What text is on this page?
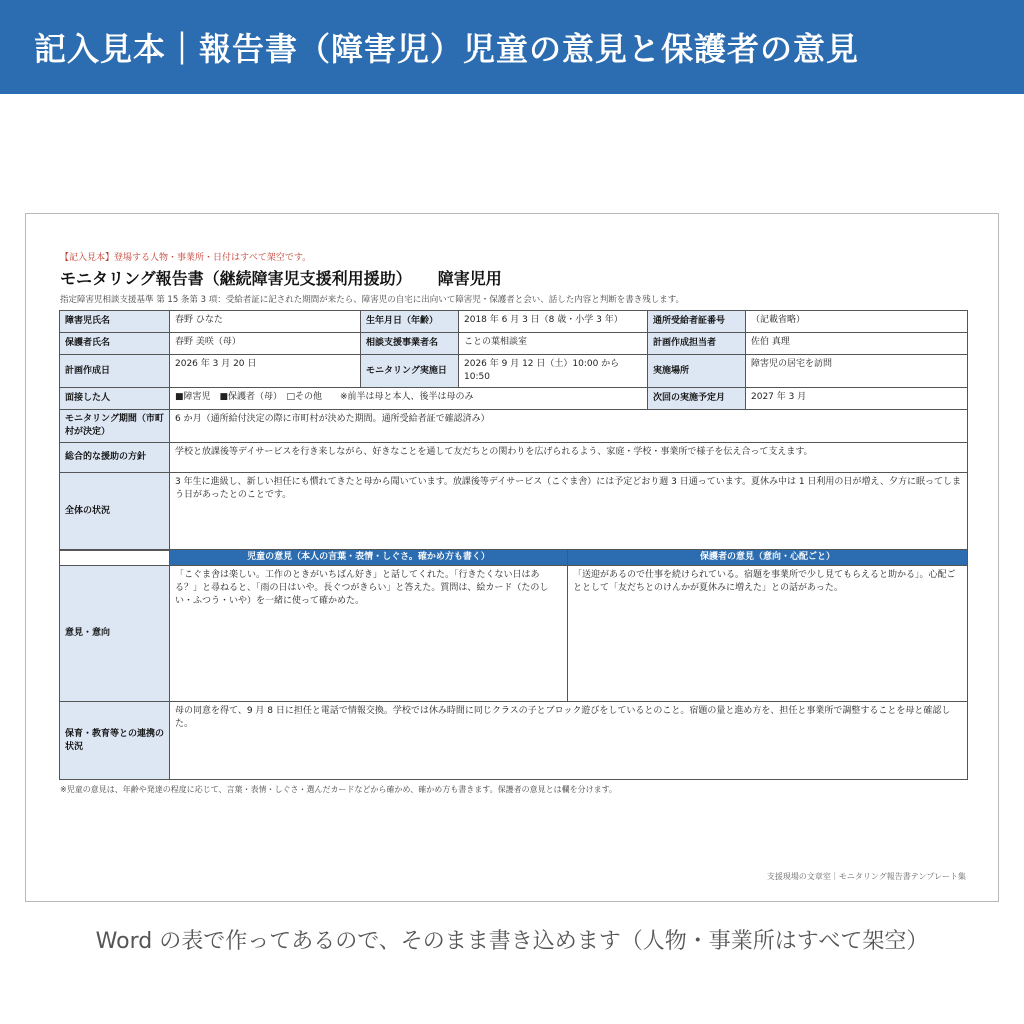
記入見本｜報告書（障害児）児童の意見と保護者の意見
【記入見本】登場する人物・事業所・日付はすべて架空です。
モニタリング報告書（継続障害児支援利用援助） 障害児用
指定障害児相談支援基準 第 15 条第 3 項：受給者証に記された期間が来たら、障害児の自宅に出向いて障害児・保護者と会い、話した内容と判断を書き残します。
障害児氏名	春野 ひなた	生年月日（年齢）	2018 年 6 月 3 日（8 歳・小学 3 年）	通所受給者証番号	（記載省略）
保護者氏名	春野 美咲（母）	相談支援事業者名	ことの葉相談室	計画作成担当者	佐伯 真理
計画作成日	2026 年 3 月 20 日	モニタリング実施日	2026 年 9 月 12 日（土）10:00 から 10:50	実施場所	障害児の居宅を訪問
面接した人	■障害児　■保護者（母）　□その他　　※前半は母と本人、後半は母のみ			次回の実施予定月	2027 年 3 月
モニタリング期間（市町村が決定）	6 か月（通所給付決定の際に市町村が決めた期間。通所受給者証で確認済み）				
総合的な援助の方針	学校と放課後等デイサービスを行き来しながら、好きなことを通して友だちとの関わりを広げられるよう、家庭・学校・事業所で様子を伝え合って支えます。				
全体の状況	3 年生に進級し、新しい担任にも慣れてきたと母から聞いています。放課後等デイサービス（こぐま舎）には予定どおり週 3 日通っています。夏休み中は 1 日利用の日が増え、夕方に眠ってしまう日があったとのことです。				
	児童の意見（本人の言葉・表情・しぐさ。確かめ方も書く）	保護者の意見（意向・心配ごと）
意見・意向	「こぐま舎は楽しい。工作のときがいちばん好き」と話してくれた。「行きたくない日はある？」と尋ねると、「雨の日はいや。長ぐつがきらい」と答えた。質問は、絵カード（たのしい・ふつう・いや）を一緒に使って確かめた。	「送迎があるので仕事を続けられている。宿題を事業所で少し見てもらえると助かる」。心配ごととして「友だちとのけんかが夏休みに増えた」との話があった。
保育・教育等との連携の状況	母の同意を得て、9 月 8 日に担任と電話で情報交換。学校では休み時間に同じクラスの子とブロック遊びをしているとのこと。宿題の量と進め方を、担任と事業所で調整することを母と確認した。	
※児童の意見は、年齢や発達の程度に応じて、言葉・表情・しぐさ・選んだカードなどから確かめ、確かめ方も書きます。保護者の意見とは欄を分けます。
支援現場の文章室｜モニタリング報告書テンプレート集
Word の表で作ってあるので、そのまま書き込めます（人物・事業所はすべて架空）
